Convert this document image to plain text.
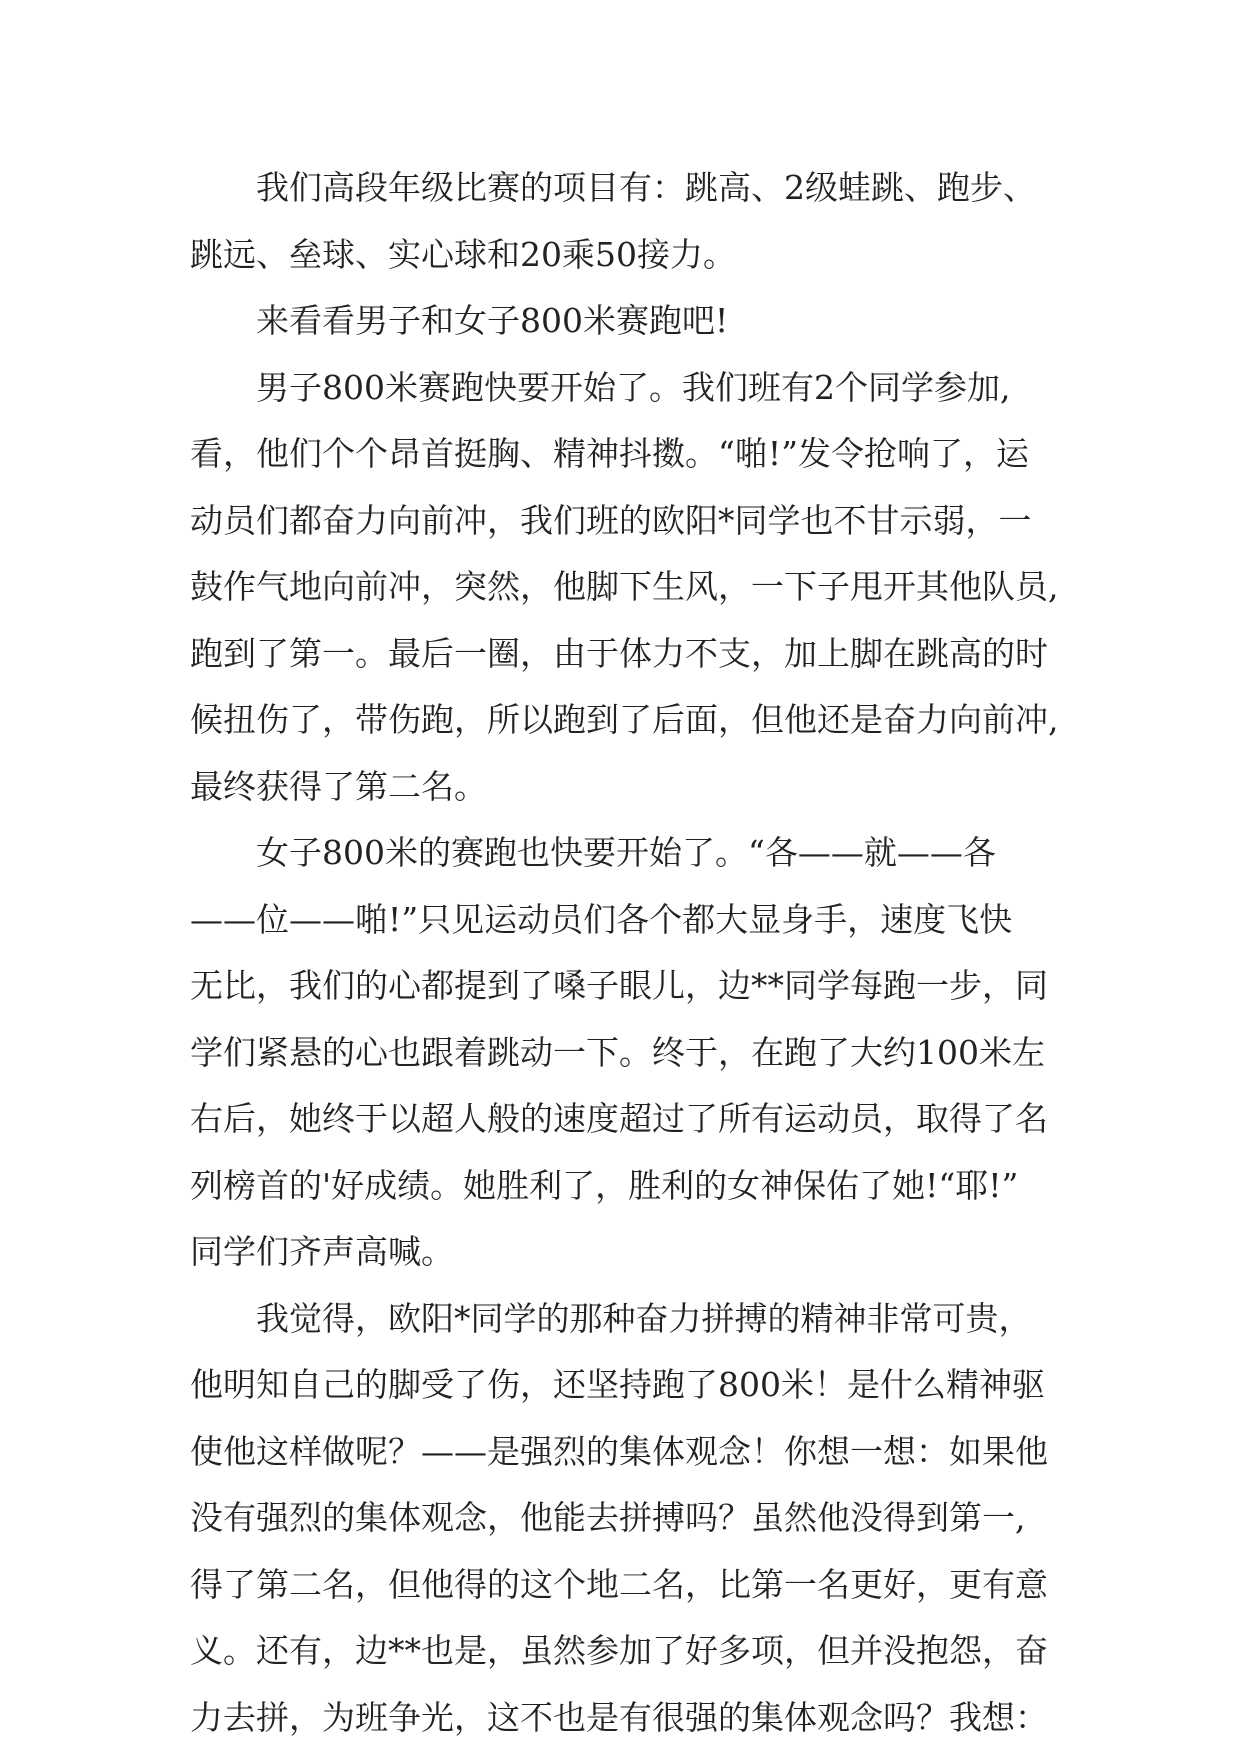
我们高段年级比赛的项目有：跳高、2级蛙跳、跑步、
跳远、垒球、实心球和20乘50接力。
来看看男子和女子800米赛跑吧!
男子800米赛跑快要开始了。我们班有2个同学参加,
看，他们个个昂首挺胸、精神抖擞。“啪!”发令抢响了，运
动员们都奋力向前冲，我们班的欧阳*同学也不甘示弱，一
鼓作气地向前冲，突然，他脚下生风，一下子甩开其他队员,
跑到了第一。最后一圈，由于体力不支，加上脚在跳高的时
候扭伤了，带伤跑，所以跑到了后面，但他还是奋力向前冲,
最终获得了第二名。
女子800米的赛跑也快要开始了。“各——就——各
——位——啪!”只见运动员们各个都大显身手，速度飞快
无比，我们的心都提到了嗓子眼儿，边**同学每跑一步，同
学们紧悬的心也跟着跳动一下。终于，在跑了大约100米左
右后，她终于以超人般的速度超过了所有运动员，取得了名
列榜首的'好成绩。她胜利了，胜利的女神保佑了她!“耶!”
同学们齐声高喊。
我觉得，欧阳*同学的那种奋力拼搏的精神非常可贵，
他明知自己的脚受了伤，还坚持跑了800米！是什么精神驱
使他这样做呢？——是强烈的集体观念！你想一想：如果他
没有强烈的集体观念，他能去拼搏吗？虽然他没得到第一,
得了第二名，但他得的这个地二名，比第一名更好，更有意
义。还有，边**也是，虽然参加了好多项，但并没抱怨，奋
力去拼，为班争光，这不也是有很强的集体观念吗？我想：
